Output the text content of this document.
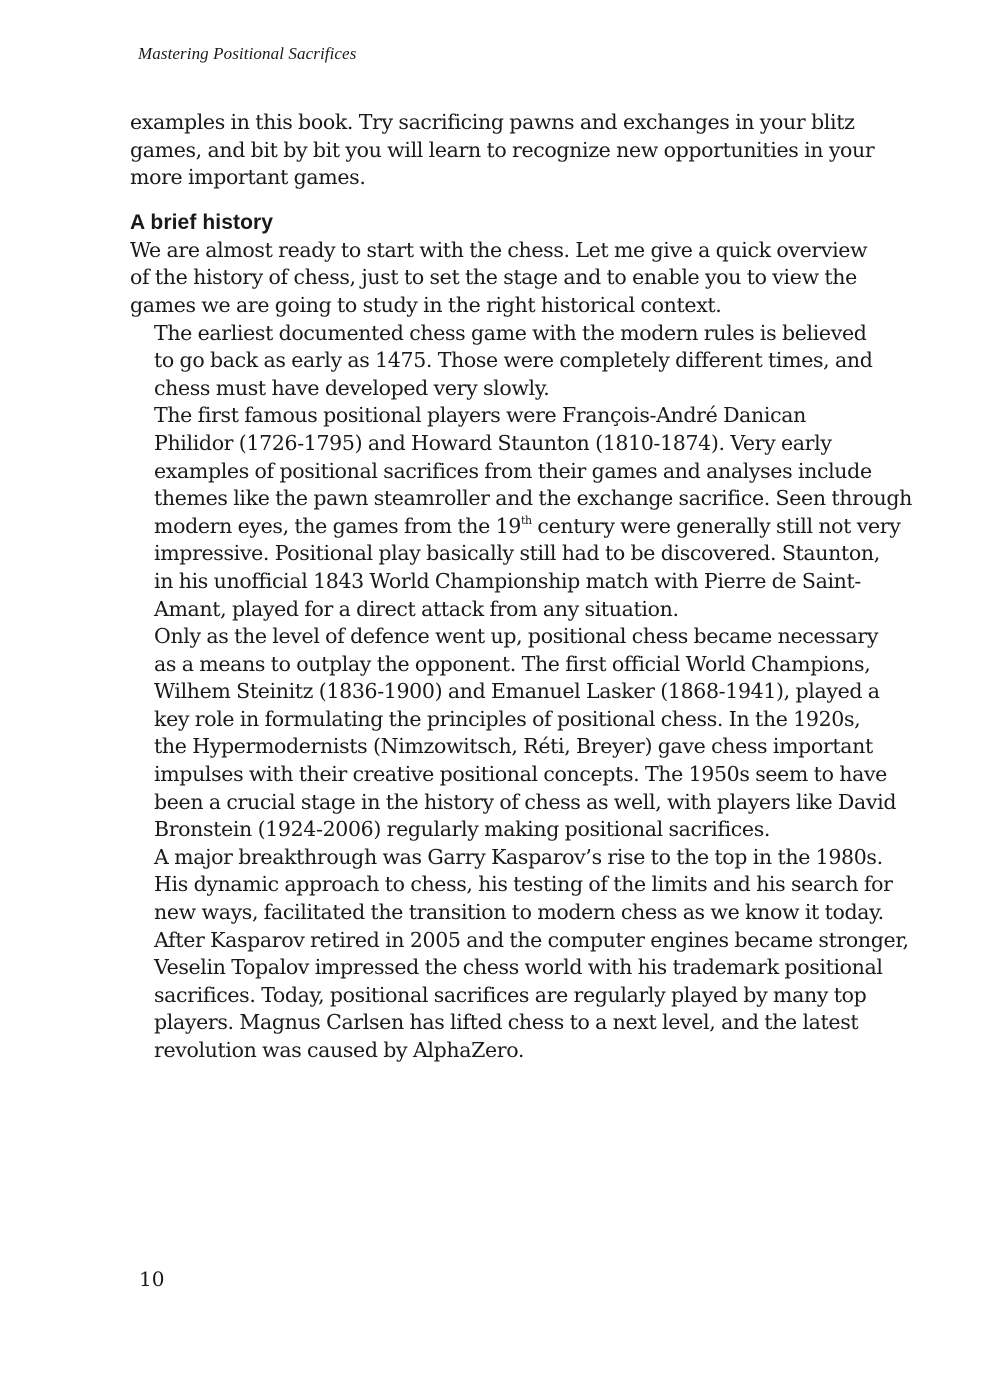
Mastering Positional Sacrifices

examples in this book. Try sacrificing pawns and exchanges in your blitz
games, and bit by bit you will learn to recognize new opportunities in your
more important games.

A brief history

We are almost ready to start with the chess. Let me give a quick overview
of the history of chess, just to set the stage and to enable you to view the
games we are going to study in the right historical context.

The earliest documented chess game with the modern rules is believed
to go back as early as 1475. Those were completely different times, and
chess must have developed very slowly.

The first famous positional players were François-André Danican
Philidor (1726-1795) and Howard Staunton (1810-1874). Very early
examples of positional sacrifices from their games and analyses include
themes like the pawn steamroller and the exchange sacrifice. Seen through
modern eyes, the games from the 19th century were generally still not very
impressive. Positional play basically still had to be discovered. Staunton,
in his unofficial 1843 World Championship match with Pierre de Saint-
Amant, played for a direct attack from any situation.

Only as the level of defence went up, positional chess became necessary
as a means to outplay the opponent. The first official World Champions,
Wilhem Steinitz (1836-1900) and Emanuel Lasker (1868-1941), played a
key role in formulating the principles of positional chess. In the 1920s,
the Hypermodernists (Nimzowitsch, Réti, Breyer) gave chess important
impulses with their creative positional concepts. The 1950s seem to have
been a crucial stage in the history of chess as well, with players like David
Bronstein (1924-2006) regularly making positional sacrifices.

A major breakthrough was Garry Kasparov’s rise to the top in the 1980s.
His dynamic approach to chess, his testing of the limits and his search for
new ways, facilitated the transition to modern chess as we know it today.
After Kasparov retired in 2005 and the computer engines became stronger,
Veselin Topalov impressed the chess world with his trademark positional
sacrifices. Today, positional sacrifices are regularly played by many top
players. Magnus Carlsen has lifted chess to a next level, and the latest
revolution was caused by AlphaZero.

10
